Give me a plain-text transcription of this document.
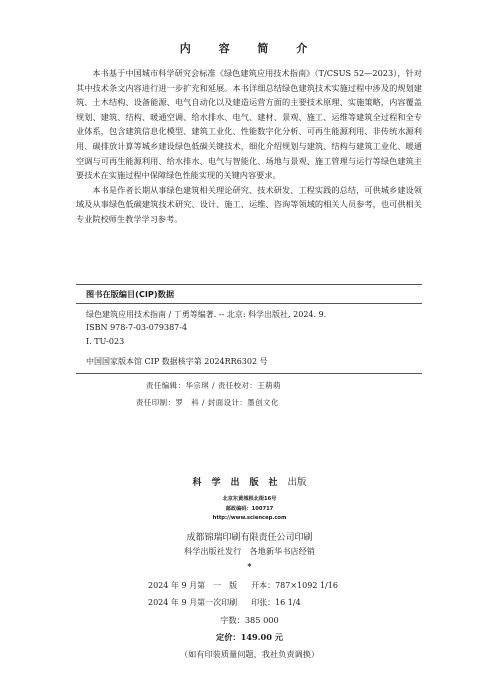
内 容 简 介

本书基于中国城市科学研究会标准《绿色建筑应用技术指南》（T/CSUS 52—2023），针对其中技术条文内容进行进一步扩充和延展。本书详细总结绿色建筑技术实施过程中涉及的规划建筑、土木结构、设备能源、电气自动化以及建造运营方面的主要技术原理、实施策略，内容覆盖规划、建筑、结构、暖通空调、给水排水、电气、建材、景观、施工、运维等建筑全过程和全专业体系，包含建筑信息化模型、建筑工业化、性能数字化分析、可再生能源利用、非传统水源利用、碳排放计算等城乡建设绿色低碳关键技术，细化介绍规划与建筑、结构与建筑工业化、暖通空调与可再生能源利用、给水排水、电气与智能化、场地与景观、施工管理与运行等绿色建筑主要技术在实施过程中保障绿色性能实现的关键内容要求。

本书是作者长期从事绿色建筑相关理论研究、技术研发、工程实践的总结，可供城乡建设领域及从事绿色低碳建筑技术研究、设计、施工、运维、咨询等领域的相关人员参考，也可供相关专业院校师生教学学习参考。

图书在版编目(CIP)数据
绿色建筑应用技术指南 / 丁勇等编著. -- 北京: 科学出版社, 2024. 9.
ISBN 978-7-03-079387-4
Ⅰ. TU-023
中国国家版本馆 CIP 数据核字第 2024RR6302 号
责任编辑：华宗琪 / 责任校对：王萌萌
责任印制：罗　科 / 封面设计：墨创文化
科学出版社出版
北京东黄城根北街16号
邮政编码：100717
http://www.sciencep.com
成都锦瑞印刷有限责任公司印刷
科学出版社发行　各地新华书店经销
*
2024 年 9 月第　一　版 开本：787×1092 1/16
2024 年 9 月第一次印刷 印张：16 1/4
字数：385 000
定价：149.00 元
（如有印装质量问题，我社负责调换）
